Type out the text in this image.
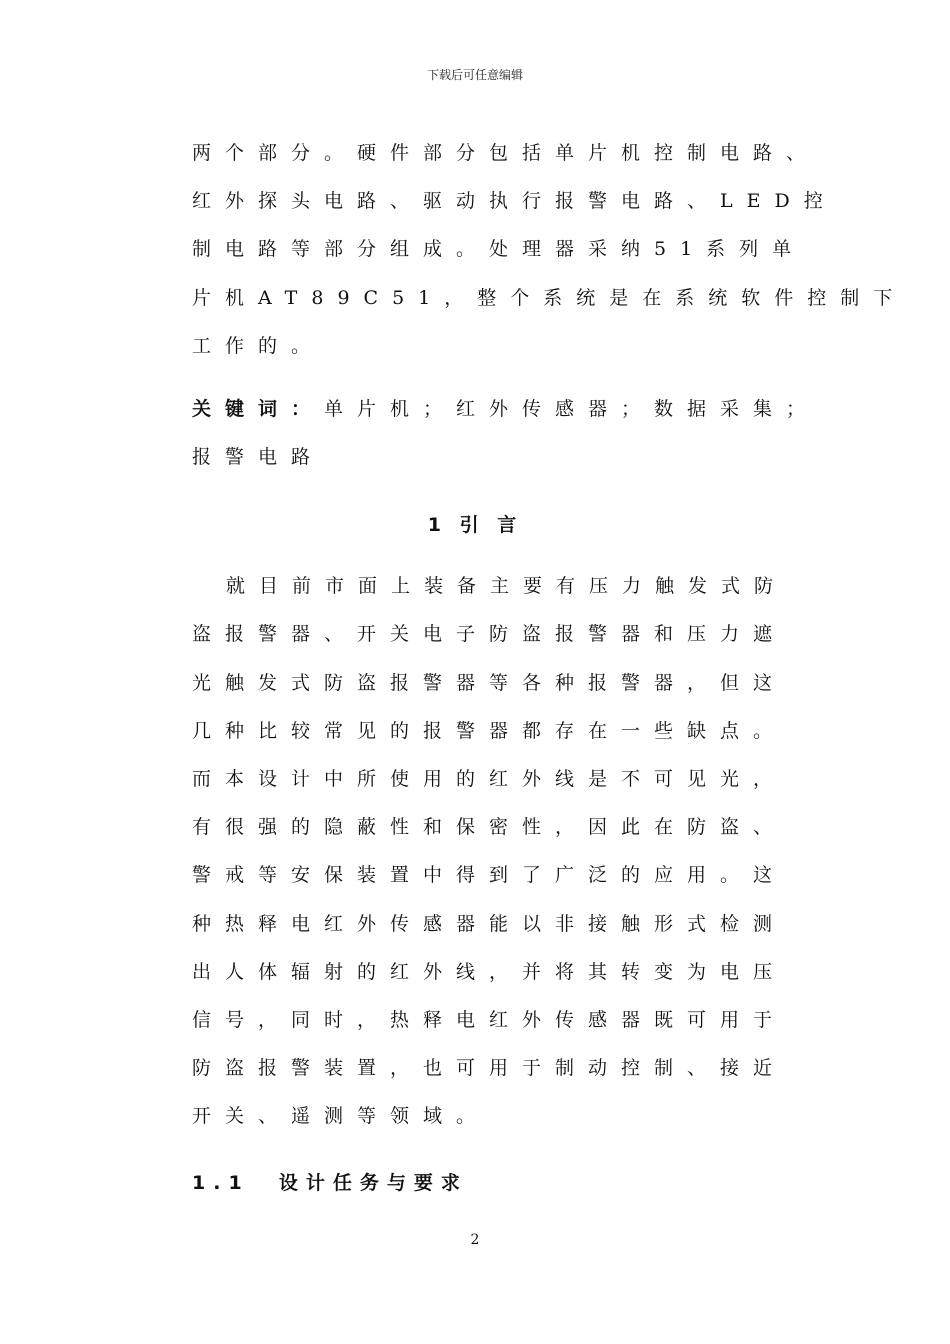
下载后可任意编辑
两个部分。硬件部分包括单片机控制电路、
红外探头电路、驱动执行报警电路、LED控
制电路等部分组成。处理器采纳51系列单
片机AT89C51，整个系统是在系统软件控制下
工作的。
关键词：单片机；红外传感器；数据采集；
报警电路
1 引 言
就目前市面上装备主要有压力触发式防
盗报警器、开关电子防盗报警器和压力遮
光触发式防盗报警器等各种报警器，但这
几种比较常见的报警器都存在一些缺点。
而本设计中所使用的红外线是不可见光，
有很强的隐蔽性和保密性，因此在防盗、
警戒等安保装置中得到了广泛的应用。这
种热释电红外传感器能以非接触形式检测
出人体辐射的红外线，并将其转变为电压
信号，同时，热释电红外传感器既可用于
防盗报警装置，也可用于制动控制、接近
开关、遥测等领域。
1.1  设计任务与要求
2
